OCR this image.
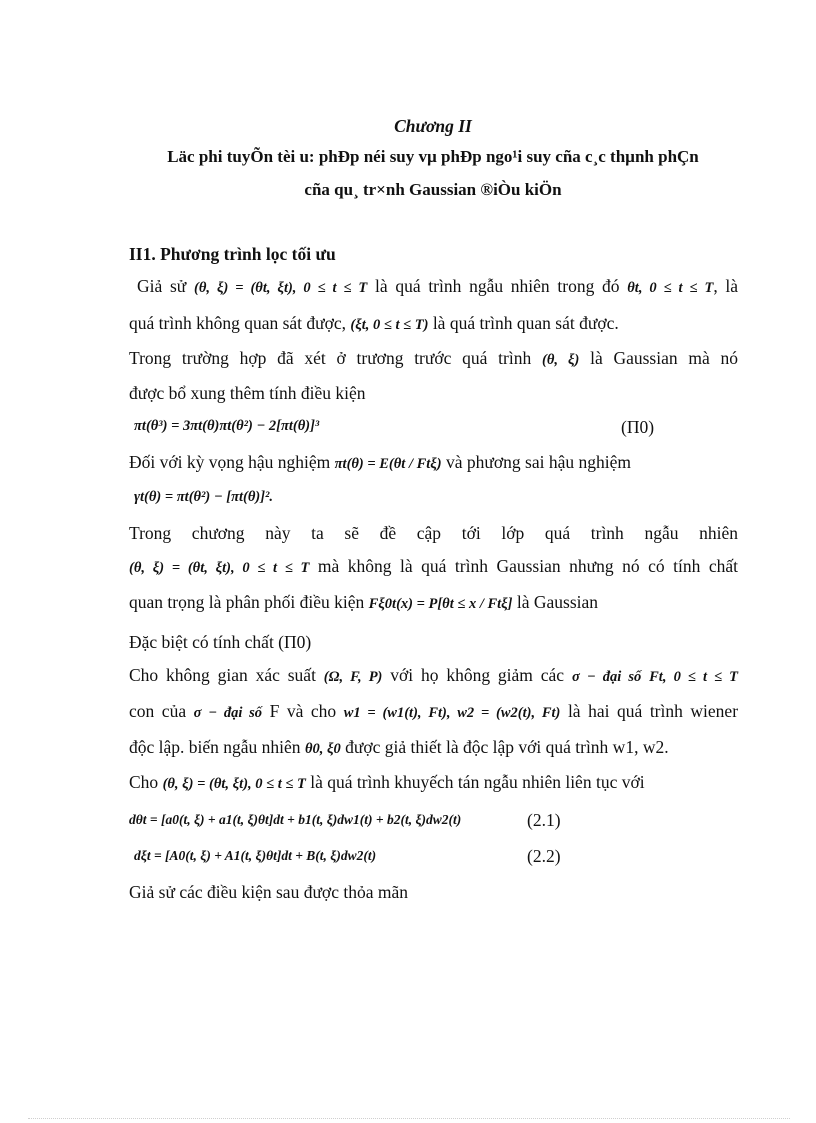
Chương II
Läc phi tuyÕn tèi u: phÐp néi suy vµ phÐp ngo¹i suy cña c¸c thµnh phÇn
cña qu¸ tr×nh Gaussian ®iÒu kiÖn
II1. Phương trình lọc tối ưu
Giả sử (θ, ξ) = (θt, ξt), 0 ≤ t ≤ T là quá trình ngẫu nhiên trong đó θt, 0 ≤ t ≤ T, là
quá trình không quan sát được, (ξt, 0 ≤ t ≤ T) là quá trình quan sát được.
Trong trường hợp đã xét ở trương trước quá trình (θ, ξ) là Gaussian mà nó
được bổ xung thêm tính điều kiện
πt(θ³) = 3πt(θ)πt(θ²) − 2[πt(θ)]³	(Π0)
Đối với kỳ vọng hậu nghiệm πt(θ) = E(θt / Ftξ) và phương sai hậu nghiệm
γt(θ) = πt(θ²) − [πt(θ)]².
Trong chương này ta sẽ đề cập tới lớp quá trình ngẫu nhiên
(θ, ξ) = (θt, ξt), 0 ≤ t ≤ T mà không là quá trình Gaussian nhưng nó có tính chất
quan trọng là phân phối điều kiện Fξ0t(x) = P[θt ≤ x / Ftξ] là Gaussian
Đặc biệt có tính chất (Π0)
Cho không gian xác suất (Ω, F, P) với họ không giảm các σ − đại số Ft, 0 ≤ t ≤ T
con của σ − đại số F và cho w1 = (w1(t), Ft), w2 = (w2(t), Ft) là hai quá trình wiener
độc lập. biến ngẫu nhiên θ0, ξ0 được giả thiết là độc lập với quá trình w1, w2.
Cho (θ, ξ) = (θt, ξt), 0 ≤ t ≤ T là quá trình khuyếch tán ngẫu nhiên liên tục với
dθt = [a0(t, ξ) + a1(t, ξ)θt]dt + b1(t, ξ)dw1(t) + b2(t, ξ)dw2(t)	(2.1)
dξt = [A0(t, ξ) + A1(t, ξ)θt]dt + B(t, ξ)dw2(t)	(2.2)
Giả sử các điều kiện sau được thỏa mãn
